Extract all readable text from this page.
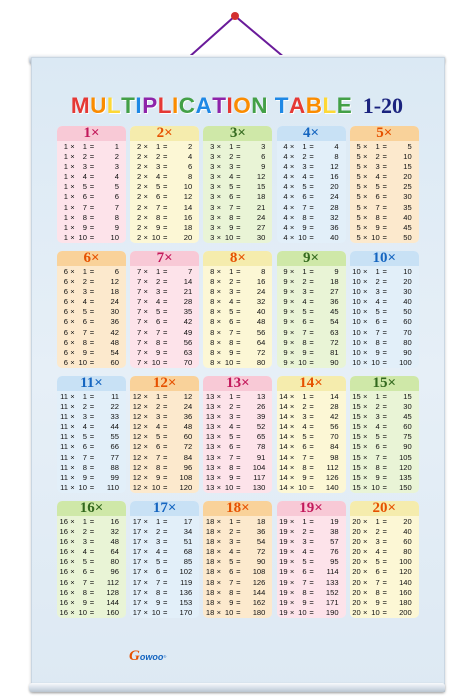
MULTIPLICATION TABLE 1-20
1×
1 ×	1 =	1
1 ×	2 =	2
1 ×	3 =	3
1 ×	4 =	4
1 ×	5 =	5
1 ×	6 =	6
1 ×	7 =	7
1 ×	8 =	8
1 ×	9 =	9
1 × 10 =	10
2×
2 ×	1 =	2
2 ×	2 =	4
2 ×	3 =	6
2 ×	4 =	8
2 ×	5 =	10
2 ×	6 =	12
2 ×	7 =	14
2 ×	8 =	16
2 ×	9 =	18
2 × 10 =	20
3×
3 ×	1 =	3
3 ×	2 =	6
3 ×	3 =	9
3 ×	4 =	12
3 ×	5 =	15
3 ×	6 =	18
3 ×	7 =	21
3 ×	8 =	24
3 ×	9 =	27
3 × 10 =	30
4×
4 ×	1 =	4
4 ×	2 =	8
4 ×	3 =	12
4 ×	4 =	16
4 ×	5 =	20
4 ×	6 =	24
4 ×	7 =	28
4 ×	8 =	32
4 ×	9 =	36
4 × 10 =	40
5×
5 ×	1 =	5
5 ×	2 =	10
5 ×	3 =	15
5 ×	4 =	20
5 ×	5 =	25
5 ×	6 =	30
5 ×	7 =	35
5 ×	8 =	40
5 ×	9 =	45
5 × 10 =	50
6×
6 ×	1 =	6
6 ×	2 =	12
6 ×	3 =	18
6 ×	4 =	24
6 ×	5 =	30
6 ×	6 =	36
6 ×	7 =	42
6 ×	8 =	48
6 ×	9 =	54
6 × 10 =	60
7×
7 ×	1 =	7
7 ×	2 =	14
7 ×	3 =	21
7 ×	4 =	28
7 ×	5 =	35
7 ×	6 =	42
7 ×	7 =	49
7 ×	8 =	56
7 ×	9 =	63
7 × 10 =	70
8×
8 ×	1 =	8
8 ×	2 =	16
8 ×	3 =	24
8 ×	4 =	32
8 ×	5 =	40
8 ×	6 =	48
8 ×	7 =	56
8 ×	8 =	64
8 ×	9 =	72
8 × 10 =	80
9×
9 ×	1 =	9
9 ×	2 =	18
9 ×	3 =	27
9 ×	4 =	36
9 ×	5 =	45
9 ×	6 =	54
9 ×	7 =	63
9 ×	8 =	72
9 ×	9 =	81
9 × 10 =	90
10×
10 ×	1 =	10
10 ×	2 =	20
10 ×	3 =	30
10 ×	4 =	40
10 ×	5 =	50
10 ×	6 =	60
10 ×	7 =	70
10 ×	8 =	80
10 ×	9 =	90
10 × 10 =	100
11×
11 ×	1 =	11
11 ×	2 =	22
11 ×	3 =	33
11 ×	4 =	44
11 ×	5 =	55
11 ×	6 =	66
11 ×	7 =	77
11 ×	8 =	88
11 ×	9 =	99
11 × 10 =	110
12×
12 ×	1 =	12
12 ×	2 =	24
12 ×	3 =	36
12 ×	4 =	48
12 ×	5 =	60
12 ×	6 =	72
12 ×	7 =	84
12 ×	8 =	96
12 ×	9 =	108
12 × 10 =	120
13×
13 ×	1 =	13
13 ×	2 =	26
13 ×	3 =	39
13 ×	4 =	52
13 ×	5 =	65
13 ×	6 =	78
13 ×	7 =	91
13 ×	8 =	104
13 ×	9 =	117
13 × 10 =	130
14×
14 ×	1 =	14
14 ×	2 =	28
14 ×	3 =	42
14 ×	4 =	56
14 ×	5 =	70
14 ×	6 =	84
14 ×	7 =	98
14 ×	8 =	112
14 ×	9 =	126
14 × 10 =	140
15×
15 ×	1 =	15
15 ×	2 =	30
15 ×	3 =	45
15 ×	4 =	60
15 ×	5 =	75
15 ×	6 =	90
15 ×	7 =	105
15 ×	8 =	120
15 ×	9 =	135
15 × 10 =	150
16×
16 ×	1 =	16
16 ×	2 =	32
16 ×	3 =	48
16 ×	4 =	64
16 ×	5 =	80
16 ×	6 =	96
16 ×	7 =	112
16 ×	8 =	128
16 ×	9 =	144
16 × 10 =	160
17×
17 ×	1 =	17
17 ×	2 =	34
17 ×	3 =	51
17 ×	4 =	68
17 ×	5 =	85
17 ×	6 =	102
17 ×	7 =	119
17 ×	8 =	136
17 ×	9 =	153
17 × 10 =	170
18×
18 ×	1 =	18
18 ×	2 =	36
18 ×	3 =	54
18 ×	4 =	72
18 ×	5 =	90
18 ×	6 =	108
18 ×	7 =	126
18 ×	8 =	144
18 ×	9 =	162
18 × 10 =	180
19×
19 ×	1 =	19
19 ×	2 =	38
19 ×	3 =	57
19 ×	4 =	76
19 ×	5 =	95
19 ×	6 =	114
19 ×	7 =	133
19 ×	8 =	152
19 ×	9 =	171
19 × 10 =	190
20×
20 ×	1 =	20
20 ×	2 =	40
20 ×	3 =	60
20 ×	4 =	80
20 ×	5 =	100
20 ×	6 =	120
20 ×	7 =	140
20 ×	8 =	160
20 ×	9 =	180
20 × 10 =	200
G owoo ®
